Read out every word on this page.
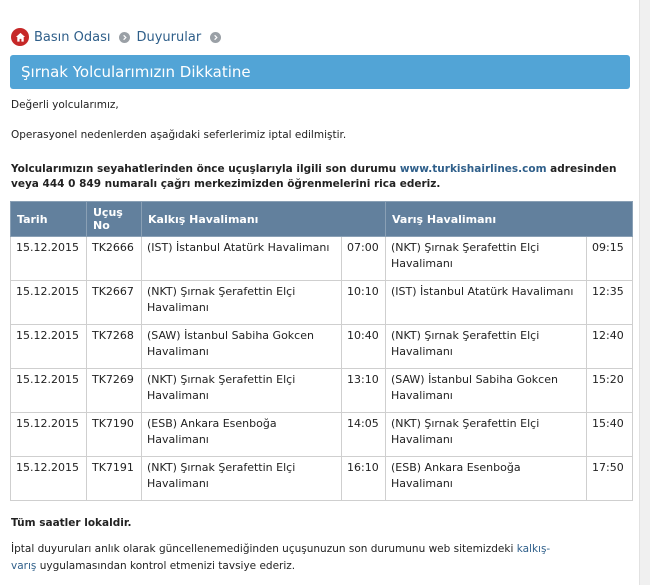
Basın Odası Duyurular
Şırnak Yolcularımızın Dikkatine
Değerli yolcularımız,
Operasyonel nedenlerden aşağıdaki seferlerimiz iptal edilmiştir.
Yolcularımızın seyahatlerinden önce uçuşlarıyla ilgili son durumu www.turkishairlines.com adresinden
veya 444 0 849 numaralı çağrı merkezimizden öğrenmelerini rica ederiz.
Tarih	Uçuş No	Kalkış Havalimanı		Varış Havalimanı	
15.12.2015	TK2666	(IST) İstanbul Atatürk Havalimanı	07:00	(NKT) Şırnak Şerafettin Elçi Havalimanı	09:15
15.12.2015	TK2667	(NKT) Şırnak Şerafettin Elçi Havalimanı	10:10	(IST) İstanbul Atatürk Havalimanı	12:35
15.12.2015	TK7268	(SAW) İstanbul Sabiha Gokcen Havalimanı	10:40	(NKT) Şırnak Şerafettin Elçi Havalimanı	12:40
15.12.2015	TK7269	(NKT) Şırnak Şerafettin Elçi Havalimanı	13:10	(SAW) İstanbul Sabiha Gokcen Havalimanı	15:20
15.12.2015	TK7190	(ESB) Ankara Esenboğa Havalimanı	14:05	(NKT) Şırnak Şerafettin Elçi Havalimanı	15:40
15.12.2015	TK7191	(NKT) Şırnak Şerafettin Elçi Havalimanı	16:10	(ESB) Ankara Esenboğa Havalimanı	17:50
Tüm saatler lokaldir.
İptal duyuruları anlık olarak güncellenemediğinden uçuşunuzun son durumunu web sitemizdeki kalkış-
varış uygulamasından kontrol etmenizi tavsiye ederiz.
